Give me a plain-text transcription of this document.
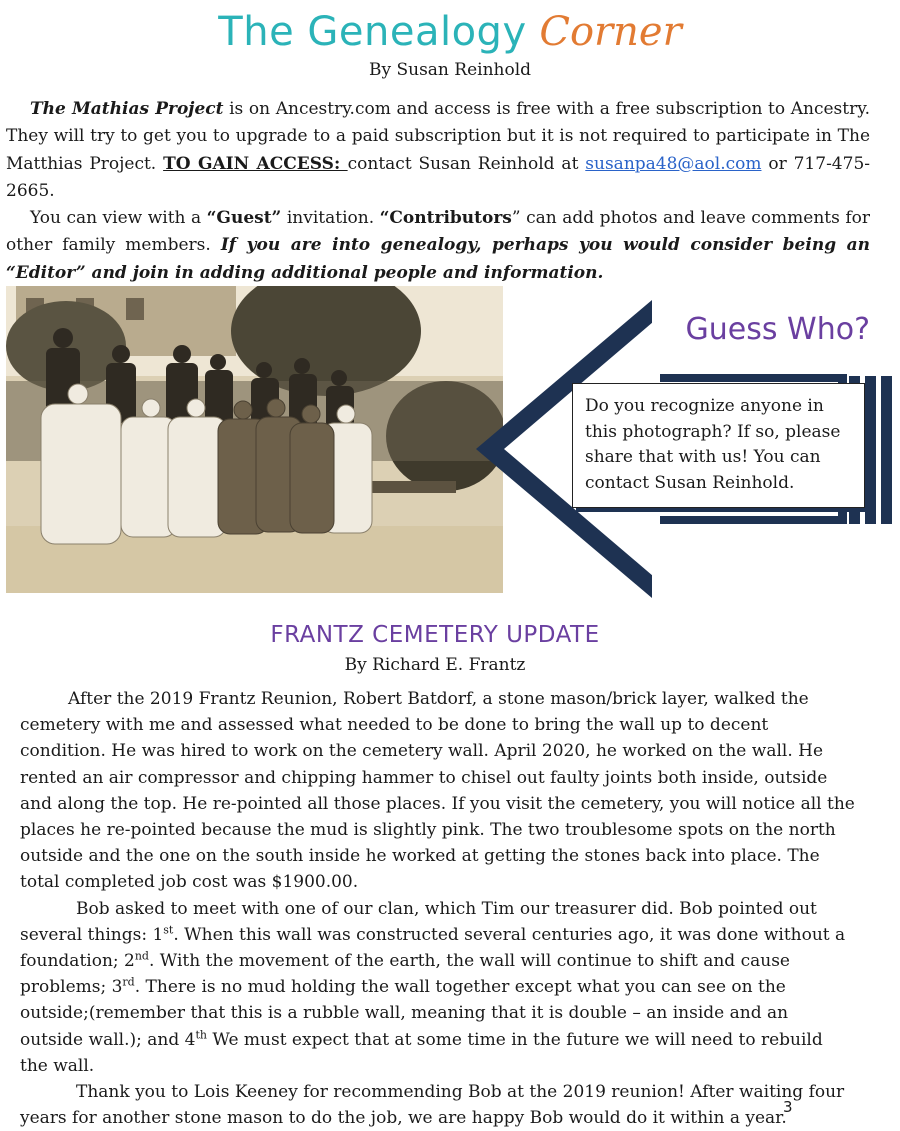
The Genealogy Corner
By Susan Reinhold

The Mathias Project is on Ancestry.com and access is free with a free subscription to Ancestry. They will try to get you to upgrade to a paid subscription but it is not required to participate in The Matthias Project. TO GAIN ACCESS: contact Susan Reinhold at susanpa48@aol.com or 717-475-2665.

You can view with a “Guest” invitation. “Contributors” can add photos and leave comments for other family members. If you are into genealogy, perhaps you would consider being an “Editor” and join in adding additional people and information.

Guess Who?
Do you recognize anyone in this photograph? If so, please share that with us! You can contact Susan Reinhold.
FRANTZ CEMETERY UPDATE
By Richard E. Frantz

After the 2019 Frantz Reunion, Robert Batdorf, a stone mason/brick layer, walked the cemetery with me and assessed what needed to be done to bring the wall up to decent condition. He was hired to work on the cemetery wall. April 2020, he worked on the wall. He rented an air compressor and chipping hammer to chisel out faulty joints both inside, outside and along the top. He re-pointed all those places. If you visit the cemetery, you will notice all the places he re-pointed because the mud is slightly pink. The two troublesome spots on the north outside and the one on the south inside he worked at getting the stones back into place. The total completed job cost was $1900.00.

Bob asked to meet with one of our clan, which Tim our treasurer did. Bob pointed out several things: 1st. When this wall was constructed several centuries ago, it was done without a foundation; 2nd. With the movement of the earth, the wall will continue to shift and cause problems; 3rd. There is no mud holding the wall together except what you can see on the outside;(remember that this is a rubble wall, meaning that it is double – an inside and an outside wall.); and 4th We must expect that at some time in the future we will need to rebuild the wall.

Thank you to Lois Keeney for recommending Bob at the 2019 reunion! After waiting four years for another stone mason to do the job, we are happy Bob would do it within a year.

3
